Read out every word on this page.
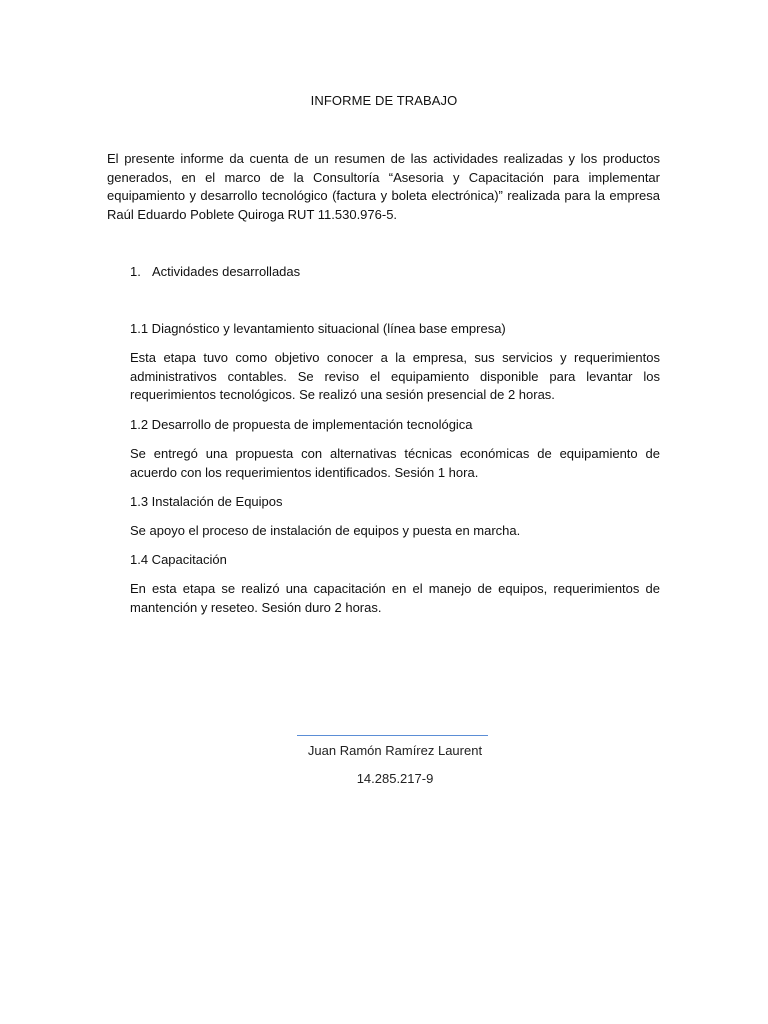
INFORME DE TRABAJO

El presente informe da cuenta de un resumen de las actividades realizadas y los productos generados, en el marco de la Consultoría “Asesoria y Capacitación para implementar equipamiento y desarrollo tecnológico (factura y boleta electrónica)” realizada para la empresa Raúl Eduardo Poblete Quiroga RUT 11.530.976-5.

1. Actividades desarrolladas

1.1 Diagnóstico y levantamiento situacional (línea base empresa)

Esta etapa tuvo como objetivo conocer a la empresa, sus servicios y requerimientos administrativos contables. Se reviso el equipamiento disponible para levantar los requerimientos tecnológicos. Se realizó una sesión presencial de 2 horas.

1.2 Desarrollo de propuesta de implementación tecnológica

Se entregó una propuesta con alternativas técnicas económicas de equipamiento de acuerdo con los requerimientos identificados. Sesión 1 hora.

1.3 Instalación de Equipos

Se apoyo el proceso de instalación de equipos y puesta en marcha.

1.4 Capacitación

En esta etapa se realizó una capacitación en el manejo de equipos, requerimientos de mantención y reseteo. Sesión duro 2 horas.

Juan Ramón Ramírez Laurent
14.285.217-9
